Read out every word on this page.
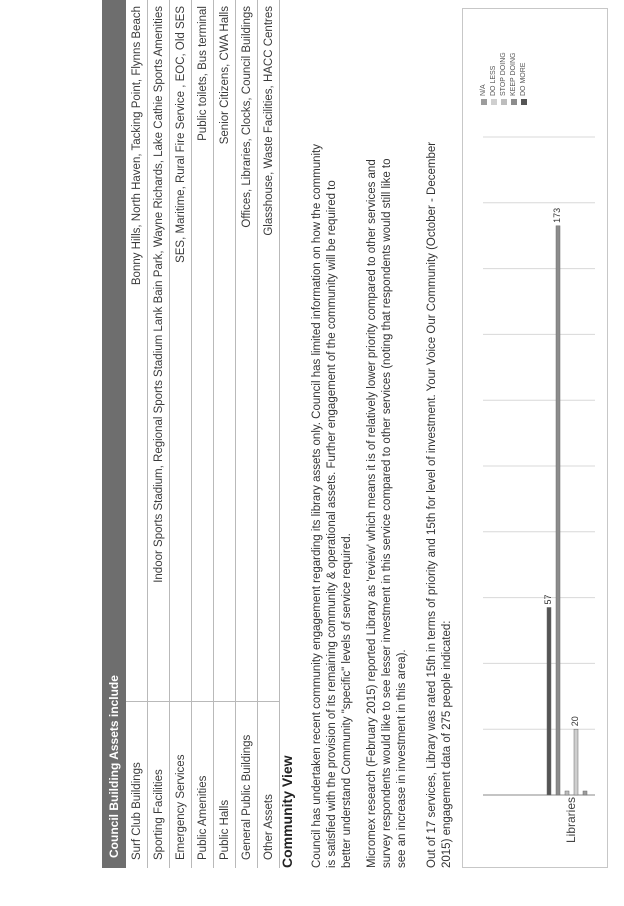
Council Building Assets include	
Surf Club Buildings	Bonny Hills, North Haven, Tacking Point, Flynns Beach
Sporting Facilities	Indoor Sports Stadium, Regional Sports Stadium Lank Bain Park, Wayne Richards, Lake Cathie Sports Amenities
Emergency Services	SES, Maritime, Rural Fire Service , EOC, Old SES
Public Amenities	Public toilets, Bus terminal
Public Halls	Senior Citizens, CWA Halls
General Public Buildings	Offices, Libraries, Clocks, Council Buildings
Other Assets	Glasshouse, Waste Facilities, HACC Centres
Community View Council has undertaken recent community engagement regarding its library assets only. Council has limited information on how the community is satisfied with the provision of its remaining community & operational assets. Further engagement of the community will be required to better understand Community "specific" levels of service required. Micromex research (February 2015) reported Library as 'review' which means it is of relatively lower priority compared to other services and survey respondents would like to see lesser investment in this service compared to other services (noting that respondents would still like to see an increase in investment in this area). Out of 17 services, Library was rated 15th in terms of priority and 15th for level of investment. Your Voice Our Community (October - December 2015) engagement data of 275 people indicated:	Libraries
20
173
57
N/A DO LESS STOP DOING KEEP DOING DO MORE
